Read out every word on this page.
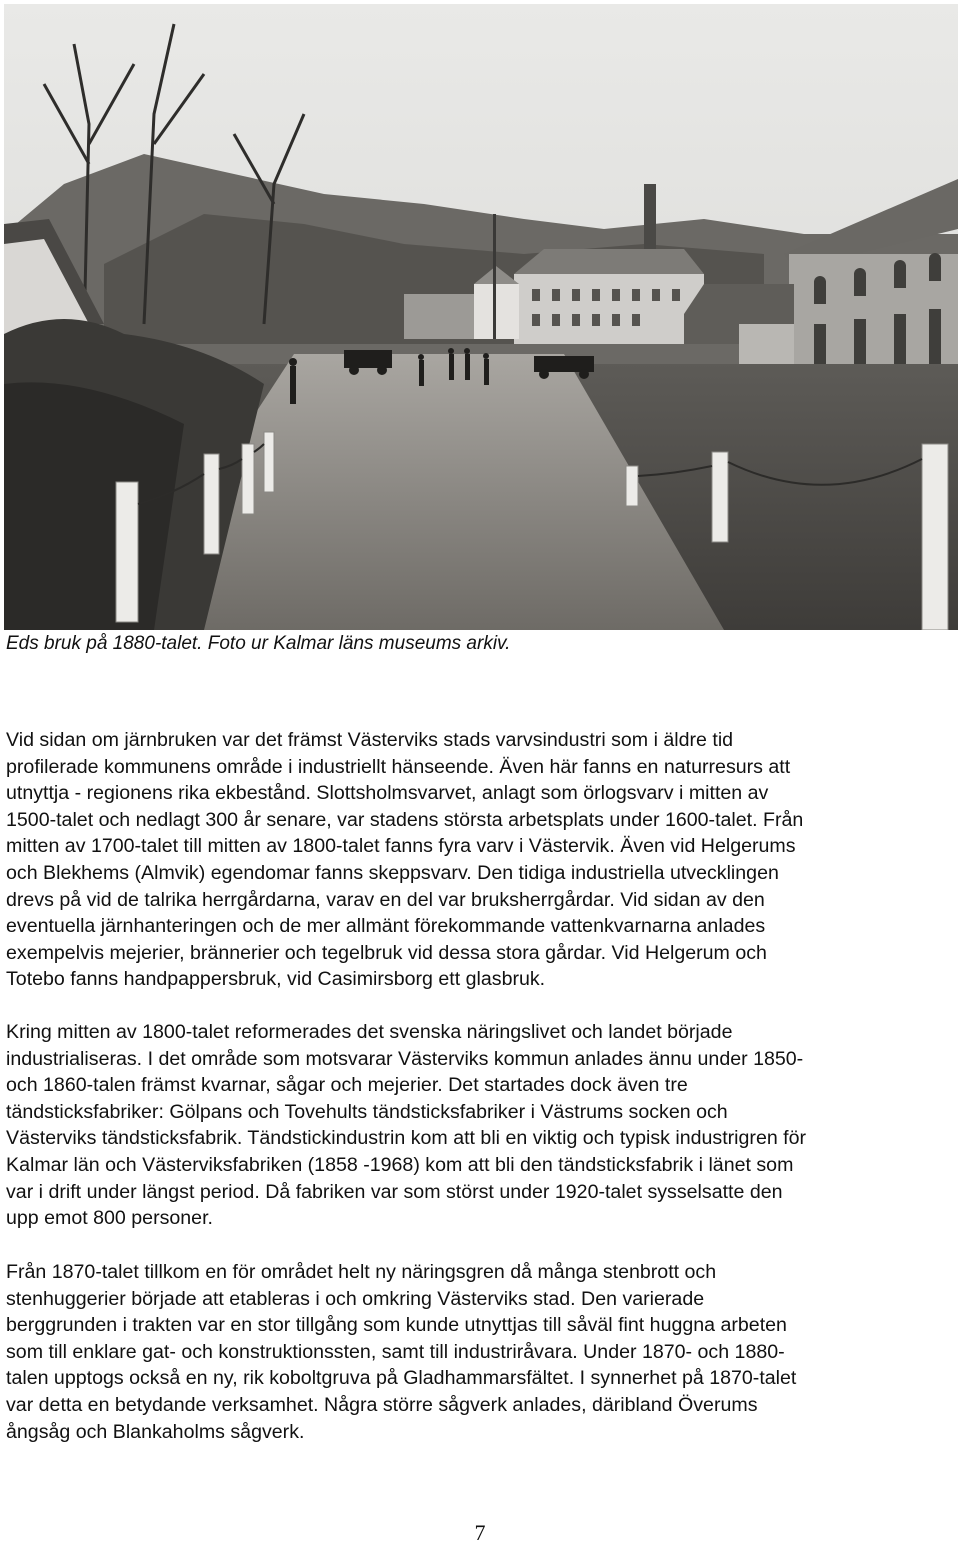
Eds bruk på 1880-talet. Foto ur Kalmar läns museums arkiv.
Vid sidan om järnbruken var det främst Västerviks stads varvsindustri som i äldre tid
profilerade kommunens område i industriellt hänseende. Även här fanns en naturresurs att
utnyttja - regionens rika ekbestånd. Slottsholmsvarvet, anlagt som örlogsvarv i mitten av
1500-talet och nedlagt 300 år senare, var stadens största arbetsplats under 1600-talet. Från
mitten av 1700-talet till mitten av 1800-talet fanns fyra varv i Västervik. Även vid Helgerums
och Blekhems (Almvik) egendomar fanns skeppsvarv. Den tidiga industriella utvecklingen
drevs på vid de talrika herrgårdarna, varav en del var bruksherrgårdar. Vid sidan av den
eventuella järnhanteringen och de mer allmänt förekommande vattenkvarnarna anlades
exempelvis mejerier, brännerier och tegelbruk vid dessa stora gårdar. Vid Helgerum och
Totebo fanns handpappersbruk, vid Casimirsborg ett glasbruk.
Kring mitten av 1800-talet reformerades det svenska näringslivet och landet började
industrialiseras. I det område som motsvarar Västerviks kommun anlades ännu under 1850-
och 1860-talen främst kvarnar, sågar och mejerier. Det startades dock även tre
tändsticksfabriker: Gölpans och Tovehults tändsticksfabriker i Västrums socken och
Västerviks tändsticksfabrik. Tändstickindustrin kom att bli en viktig och typisk industrigren för
Kalmar län och Västerviksfabriken (1858 -1968) kom att bli den tändsticksfabrik i länet som
var i drift under längst period. Då fabriken var som störst under 1920-talet sysselsatte den
upp emot 800 personer.
Från 1870-talet tillkom en för området helt ny näringsgren då många stenbrott och
stenhuggerier började att etableras i och omkring Västerviks stad. Den varierade
berggrunden i trakten var en stor tillgång som kunde utnyttjas till såväl fint huggna arbeten
som till enklare gat- och konstruktionssten, samt till industriråvara. Under 1870- och 1880-
talen upptogs också en ny, rik koboltgruva på Gladhammarsfältet. I synnerhet på 1870-talet
var detta en betydande verksamhet. Några större sågverk anlades, däribland Överums
ångsåg och Blankaholms sågverk.
7
